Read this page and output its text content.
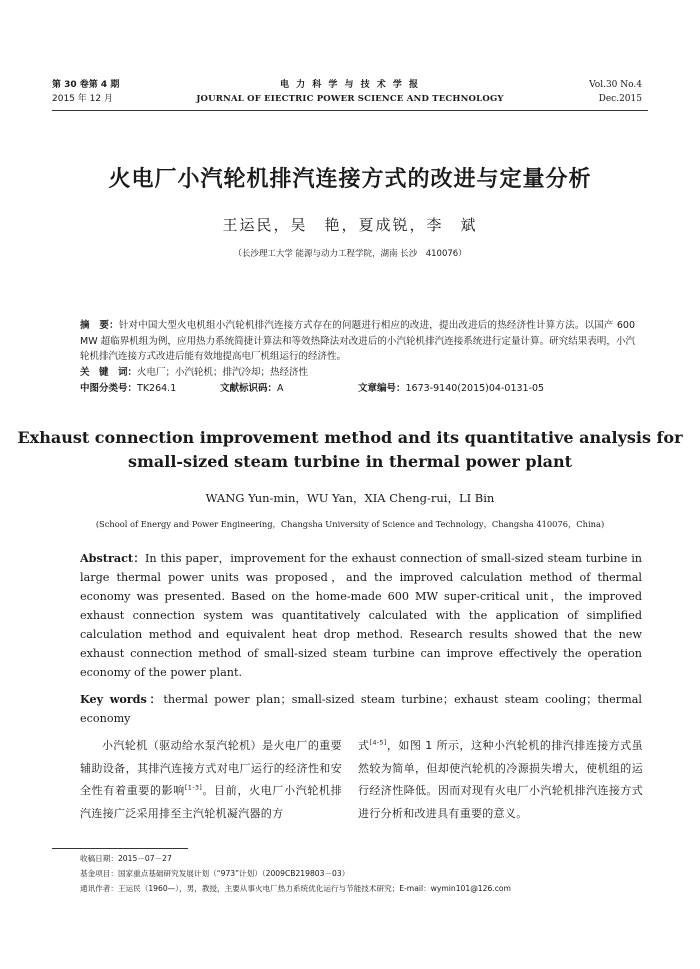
第 30 卷第 4 期
2015 年 12 月
电 力 科 学 与 技 术 学 报
JOURNAL OF EIECTRIC POWER SCIENCE AND TECHNOLOGY
Vol.30 No.4
Dec.2015
火电厂小汽轮机排汽连接方式的改进与定量分析
王运民，吴　艳，夏成锐，李　斌
（长沙理工大学 能源与动力工程学院，湖南 长沙　410076）
摘　要：针对中国大型火电机组小汽轮机排汽连接方式存在的问题进行相应的改进，提出改进后的热经济性计算方法。以国产 600 MW 超临界机组为例，应用热力系统简捷计算法和等效热降法对改进后的小汽轮机排汽连接系统进行定量计算。研究结果表明，小汽轮机排汽连接方式改进后能有效地提高电厂机组运行的经济性。
关　键　词：火电厂；小汽轮机；排汽冷却；热经济性
中图分类号：TK264.1	文献标识码：A	文章编号：1673-9140(2015)04-0131-05
Exhaust connection improvement method and its quantitative analysis for
small-sized steam turbine in thermal power plant
WANG Yun-min，WU Yan，XIA Cheng-rui，LI Bin
(School of Energy and Power Engineering，Changsha University of Science and Technology，Changsha 410076，China)
Abstract：In this paper，improvement for the exhaust connection of small-sized steam turbine in large thermal power units was proposed，and the improved calculation method of thermal economy was presented. Based on the home-made 600 MW super-critical unit，the improved exhaust connection system was quantitatively calculated with the application of simplified calculation method and equivalent heat drop method. Research results showed that the new exhaust connection method of small-sized steam turbine can improve effectively the operation economy of the power plant.
Key words：thermal power plan；small-sized steam turbine；exhaust steam cooling；thermal economy
小汽轮机（驱动给水泵汽轮机）是火电厂的重要辅助设备，其排汽连接方式对电厂运行的经济性和安全性有着重要的影响[1-3]。目前，火电厂小汽轮机排汽连接广泛采用排至主汽轮机凝汽器的方
式[4-5]，如图 1 所示，这种小汽轮机的排汽排连接方式虽然较为简单，但却使汽轮机的冷源损失增大，使机组的运行经济性降低。因而对现有火电厂小汽轮机排汽连接方式进行分析和改进具有重要的意义。
收稿日期：2015－07－27
基金项目：国家重点基础研究发展计划（“973”计划）（2009CB219803－03）
通讯作者：王运民（1960—），男，教授，主要从事火电厂热力系统优化运行与节能技术研究；E-mail：wymin101@126.com
